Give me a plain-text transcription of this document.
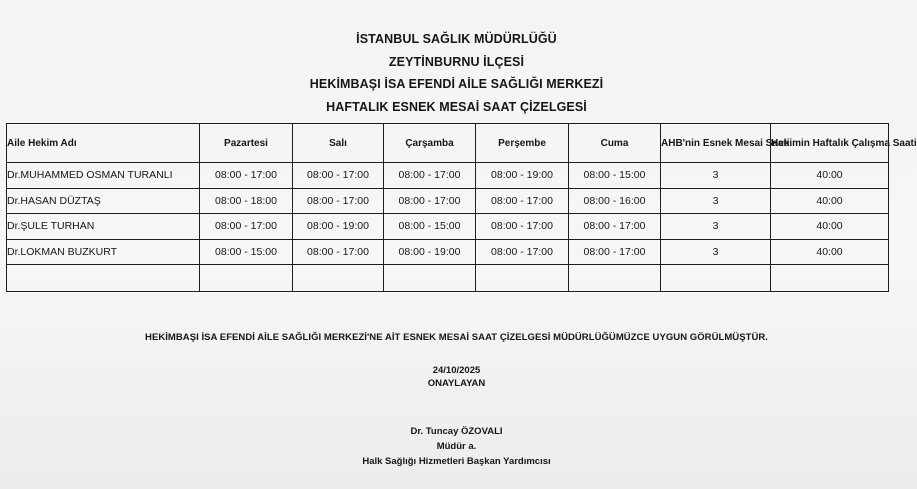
İSTANBUL SAĞLIK MÜDÜRLÜĞÜ
ZEYTİNBURNU İLÇESİ
HEKİMBAŞI İSA EFENDİ AİLE SAĞLIĞI MERKEZİ
HAFTALIK ESNEK MESAİ SAAT ÇİZELGESİ
Aile Hekim Adı	Pazartesi	Salı	Çarşamba	Perşembe	Cuma	AHB'nin Esnek Mesai Saati	Hekimin Haftalık Çalışma Saati
Dr.MUHAMMED OSMAN TURANLI	08:00 - 17:00	08:00 - 17:00	08:00 - 17:00	08:00 - 19:00	08:00 - 15:00	3	40:00
Dr.HASAN DÜZTAŞ	08:00 - 18:00	08:00 - 17:00	08:00 - 17:00	08:00 - 17:00	08:00 - 16:00	3	40:00
Dr.ŞULE TURHAN	08:00 - 17:00	08:00 - 19:00	08:00 - 15:00	08:00 - 17:00	08:00 - 17:00	3	40:00
Dr.LOKMAN BUZKURT	08:00 - 15:00	08:00 - 17:00	08:00 - 19:00	08:00 - 17:00	08:00 - 17:00	3	40:00

HEKİMBAŞI İSA EFENDİ AİLE SAĞLIĞI MERKEZİ'NE AİT ESNEK MESAİ SAAT ÇİZELGESİ MÜDÜRLÜĞÜMÜZCE UYGUN GÖRÜLMÜŞTÜR.
24/10/2025
ONAYLAYAN
Dr. Tuncay ÖZOVALI
Müdür a.
Halk Sağlığı Hizmetleri Başkan Yardımcısı
